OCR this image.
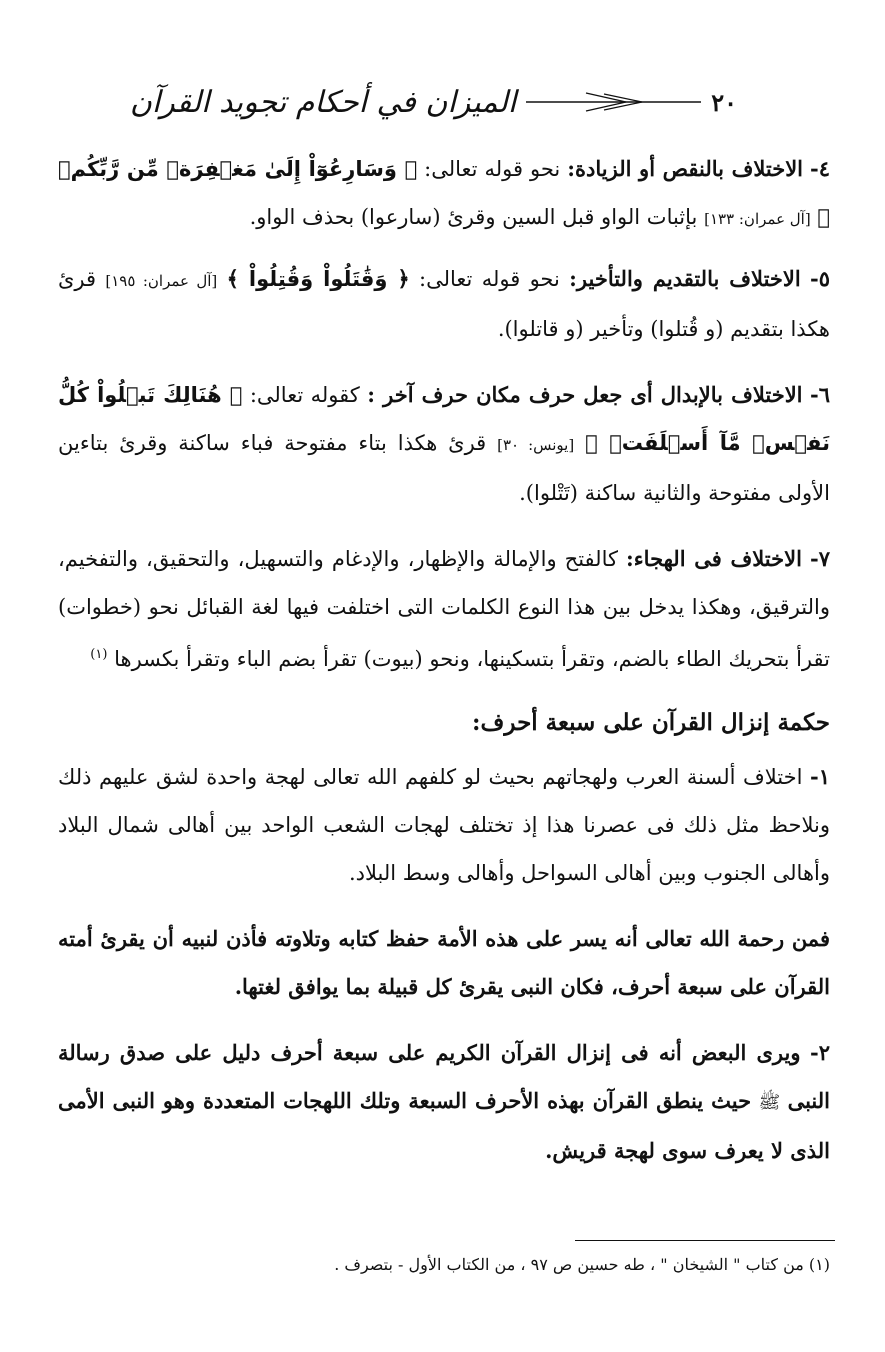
٢٠
الميزان في أحكام تجويد القرآن

٤- الاختلاف بالنقص أو الزيادة: نحو قوله تعالى: ﴿ وَسَارِعُوٓاْ إِلَىٰ مَغۡفِرَةٖ مِّن رَّبِّكُمۡ ﴾ [آل عمران: ١٣٣] بإثبات الواو قبل السين وقرئ (سارعوا) بحذف الواو.

٥- الاختلاف بالتقديم والتأخير: نحو قوله تعالى: ﴿ وَقَٰتَلُواْ وَقُتِلُواْ ﴾ [آل عمران: ١٩٥] قرئ هكذا بتقديم (و قُتلوا) وتأخير (و قاتلوا).

٦- الاختلاف بالإبدال أى جعل حرف مكان حرف آخر : كقوله تعالى: ﴿ هُنَالِكَ تَبۡلُواْ كُلُّ نَفۡسٖ مَّآ أَسۡلَفَتۡ ﴾ [يونس: ٣٠] قرئ هكذا بتاء مفتوحة فباء ساكنة وقرئ بتاءين الأولى مفتوحة والثانية ساكنة (تَتْلوا).

٧- الاختلاف فى الهجاء: كالفتح والإمالة والإظهار، والإدغام والتسهيل، والتحقيق، والتفخيم، والترقيق، وهكذا يدخل بين هذا النوع الكلمات التى اختلفت فيها لغة القبائل نحو (خطوات) تقرأ بتحريك الطاء بالضم، وتقرأ بتسكينها، ونحو (بيوت) تقرأ بضم الباء وتقرأ بكسرها $^{(١)}$

حكمة إنزال القرآن على سبعة أحرف:

١- اختلاف ألسنة العرب ولهجاتهم بحيث لو كلفهم الله تعالى لهجة واحدة لشق عليهم ذلك ونلاحظ مثل ذلك فى عصرنا هذا إذ تختلف لهجات الشعب الواحد بين أهالى شمال البلاد وأهالى الجنوب وبين أهالى السواحل وأهالى وسط البلاد.

فمن رحمة الله تعالى أنه يسر على هذه الأمة حفظ كتابه وتلاوته فأذن لنبيه أن يقرئ أمته القرآن على سبعة أحرف، فكان النبى يقرئ كل قبيلة بما يوافق لغتها.

٢- ويرى البعض أنه فى إنزال القرآن الكريم على سبعة أحرف دليل على صدق رسالة النبى ﷺ حيث ينطق القرآن بهذه الأحرف السبعة وتلك اللهجات المتعددة وهو النبى الأمى الذى لا يعرف سوى لهجة قريش.

(١) من كتاب " الشيخان " ، طه حسين ص ٩٧ ، من الكتاب الأول - بتصرف .
